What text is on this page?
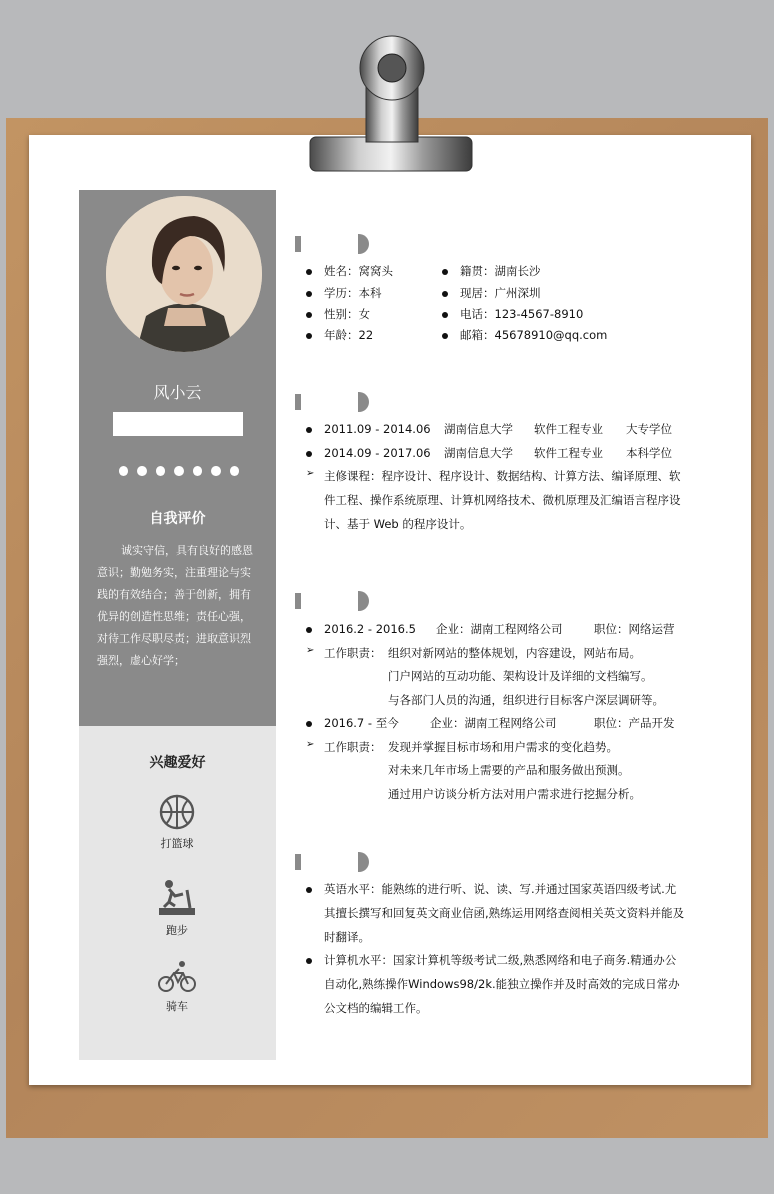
风小云
自我评价
诚实守信，具有良好的感恩意识；勤勉务实，注重理论与实践的有效结合；善于创新，拥有优异的创造性思维；责任心强，对待工作尽职尽责；进取意识烈强烈，虚心好学；
兴趣爱好
打篮球
跑步
骑车
姓名：窝窝头
学历：本科
性别：女
年龄：22
籍贯：湖南长沙
现居：广州深圳
电话：123-4567-8910
邮箱：45678910@qq.com
2011.09 - 2014.06 湖南信息大学 软件工程专业 大专学位
2014.09 - 2017.06 湖南信息大学 软件工程专业 本科学位
➢ 主修课程：程序设计、程序设计、数据结构、计算方法、编译原理、软
件工程、操作系统原理、计算机网络技术、微机原理及汇编语言程序设
计、基于 Web 的程序设计。
2016.2 - 2016.5 企业：湖南工程网络公司	职位：网络运营
➢ 工作职责： 组织对新网站的整体规划，内容建设，网站布局。
门户网站的互动功能、架构设计及详细的文档编写。
与各部门人员的沟通，组织进行目标客户深层调研等。
2016.7 - 至今	企业：湖南工程网络公司	职位：产品开发
➢ 工作职责： 发现并掌握目标市场和用户需求的变化趋势。
对未来几年市场上需要的产品和服务做出预测。
通过用户访谈分析方法对用户需求进行挖掘分析。
英语水平：能熟练的进行听、说、读、写.并通过国家英语四级考试.尤
其擅长撰写和回复英文商业信函,熟练运用网络查阅相关英文资料并能及
时翻译。
计算机水平：国家计算机等级考试二级,熟悉网络和电子商务.精通办公
自动化,熟练操作Windows98/2k.能独立操作并及时高效的完成日常办
公文档的编辑工作。
